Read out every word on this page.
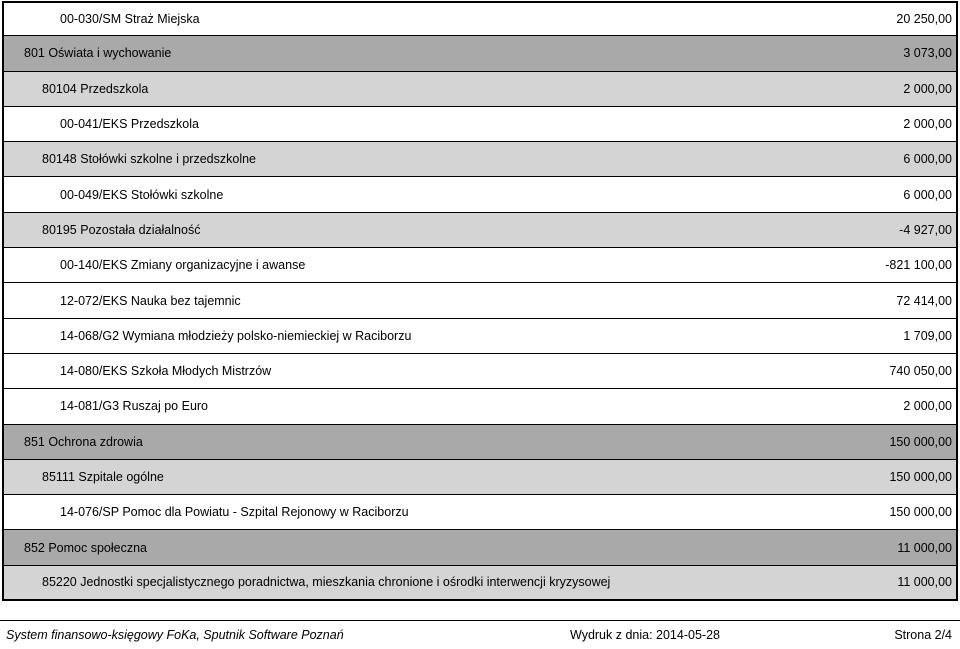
00-030/SM Straż Miejska	20 250,00
801 Oświata i wychowanie	3 073,00
80104 Przedszkola	2 000,00
00-041/EKS Przedszkola	2 000,00
80148 Stołówki szkolne i przedszkolne	6 000,00
00-049/EKS Stołówki szkolne	6 000,00
80195 Pozostała działalność	-4 927,00
00-140/EKS Zmiany organizacyjne i awanse	-821 100,00
12-072/EKS Nauka bez tajemnic	72 414,00
14-068/G2 Wymiana młodzieży polsko-niemieckiej w Raciborzu	1 709,00
14-080/EKS Szkoła Młodych Mistrzów	740 050,00
14-081/G3 Ruszaj po Euro	2 000,00
851 Ochrona zdrowia	150 000,00
85111 Szpitale ogólne	150 000,00
14-076/SP Pomoc dla Powiatu - Szpital Rejonowy w Raciborzu	150 000,00
852 Pomoc społeczna	11 000,00
85220 Jednostki specjalistycznego poradnictwa, mieszkania chronione i ośrodki interwencji kryzysowej	11 000,00
System finansowo-księgowy FoKa, Sputnik Software Poznań	Wydruk z dnia: 2014-05-28	Strona 2/4
